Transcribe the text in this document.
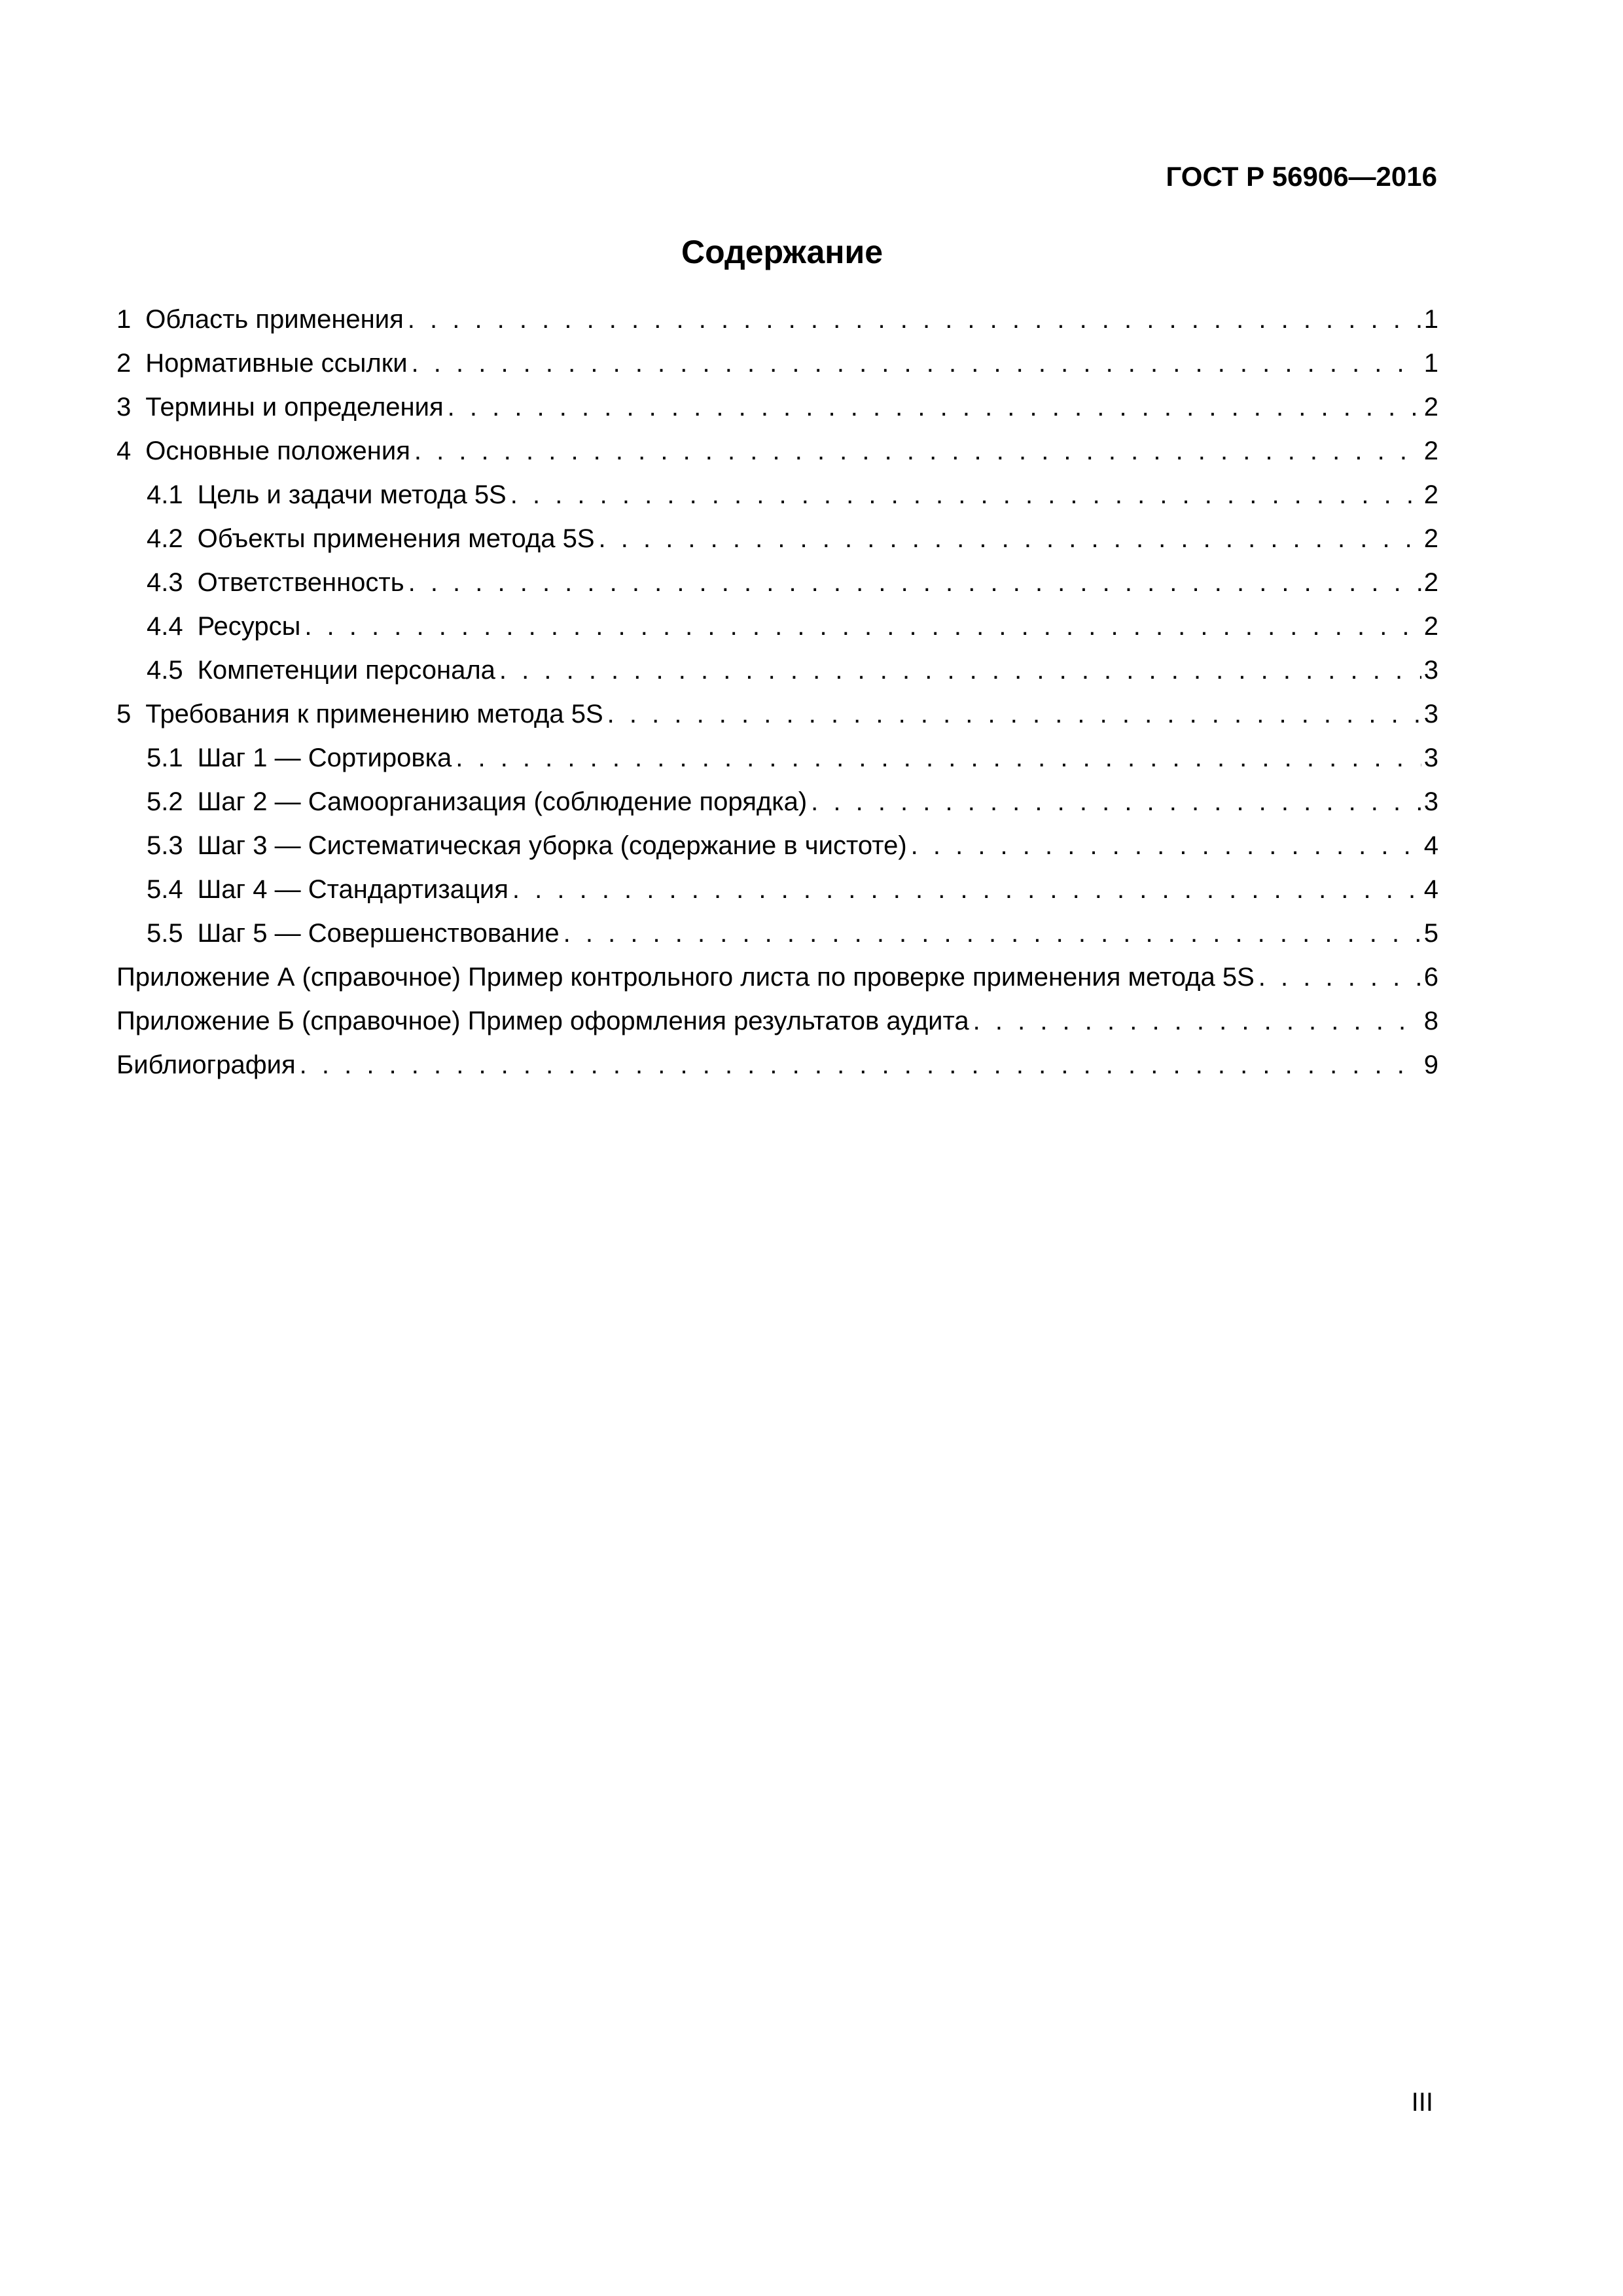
ГОСТ Р 56906—2016
Содержание
1 Область применения . . .	1
2 Нормативные ссылки . . .	1
3 Термины и определения . . .	2
4 Основные положения . . .	2
4.1 Цель и задачи метода 5S . . .	2
4.2 Объекты применения метода 5S . . .	2
4.3 Ответственность . . .	2
4.4 Ресурсы . . .	2
4.5 Компетенции персонала . . .	3
5 Требования к применению метода 5S . . .	3
5.1 Шаг 1 — Сортировка . . .	3
5.2 Шаг 2 — Самоорганизация (соблюдение порядка) . . .	3
5.3 Шаг 3 — Систематическая уборка (содержание в чистоте) . . .	4
5.4 Шаг 4 — Стандартизация . . .	4
5.5 Шаг 5 — Совершенствование . . .	5
Приложение А (справочное) Пример контрольного листа по проверке применения метода 5S . . .	6
Приложение Б (справочное) Пример оформления результатов аудита . . .	8
Библиография . . .	9
III
